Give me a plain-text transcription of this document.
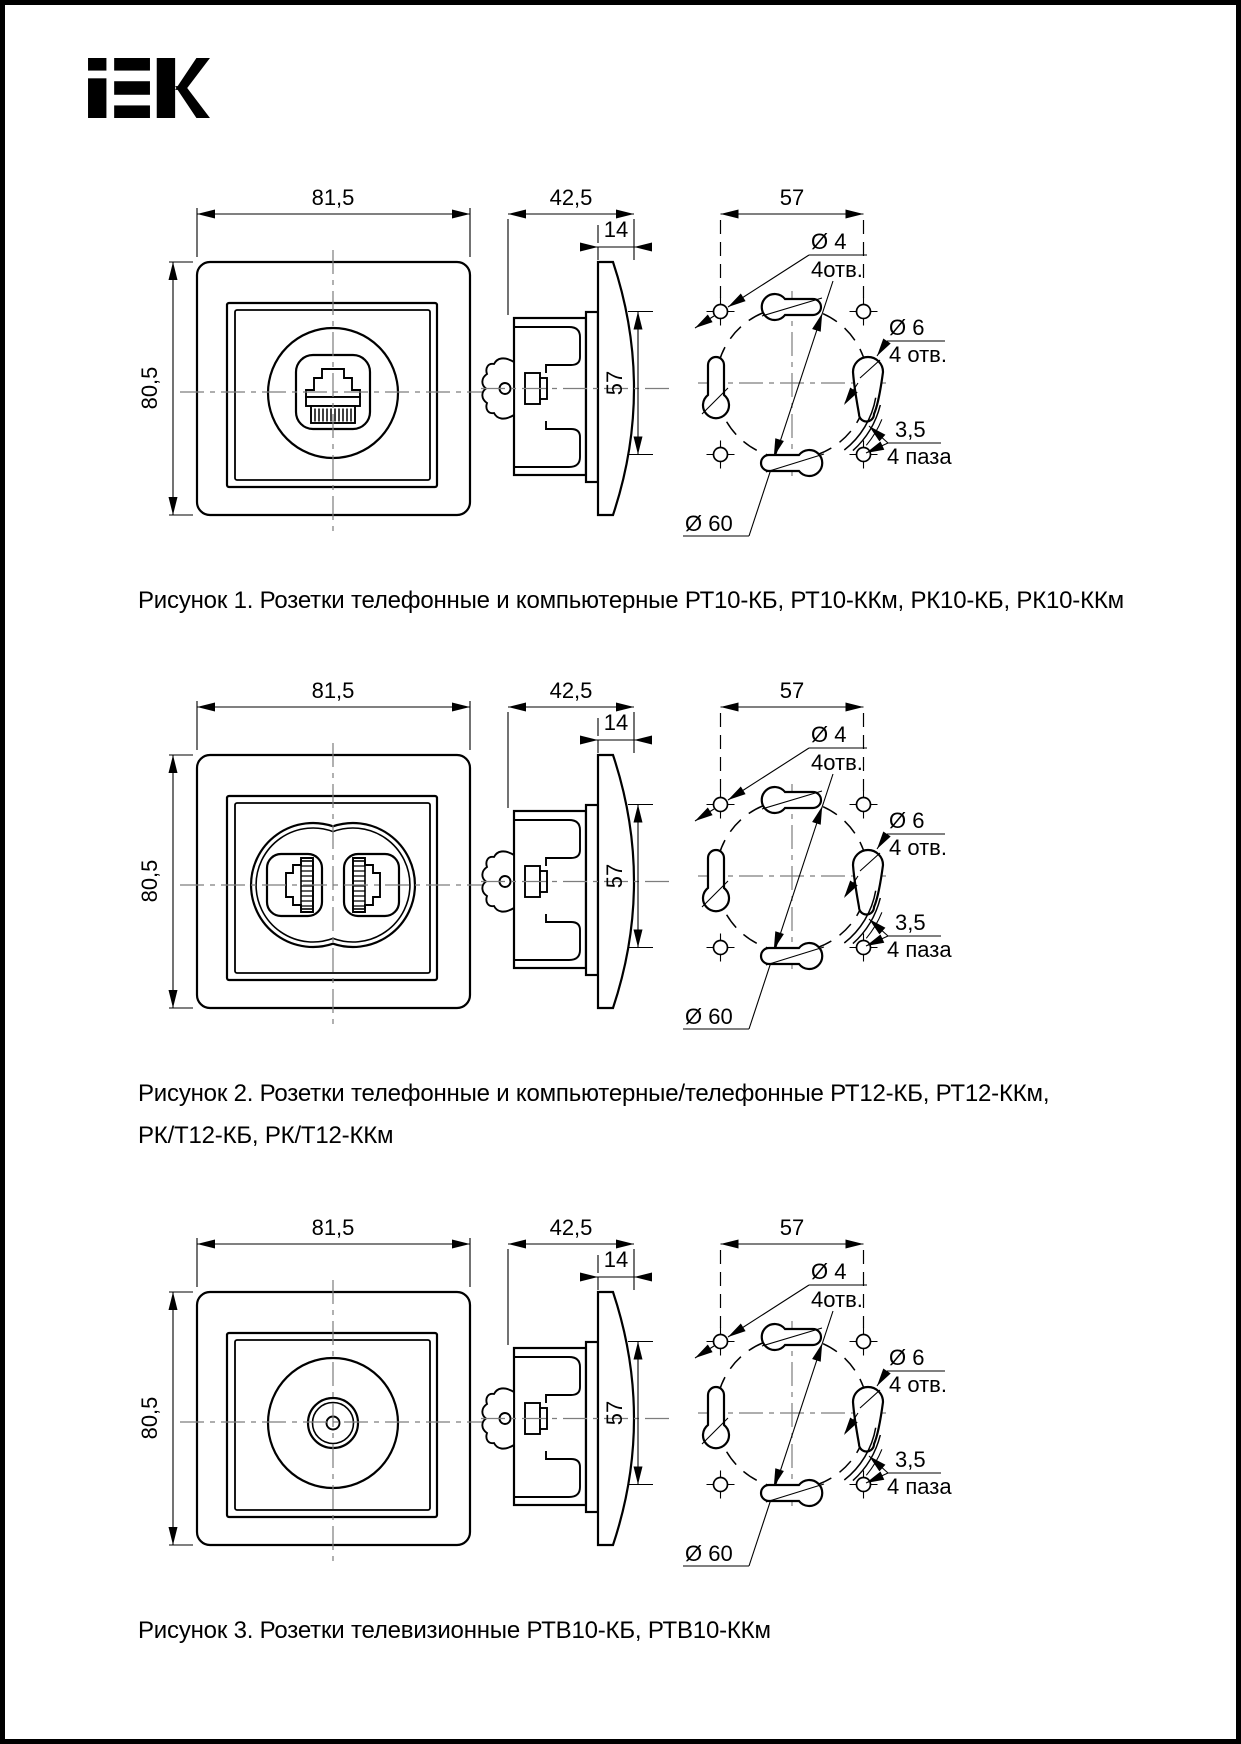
81,5
80,5
42,5
14
57
57
Ø 4
4отв.
Ø 6
4 отв.
3,5
4 паза
Ø 60
Рисунок 1. Розетки телефонные и компьютерные РТ10-КБ, РТ10-ККм, РК10-КБ, РК10-ККм
81,5
80,5
42,5
14
57
57
Ø 4
4отв.
Ø 6
4 отв.
3,5
4 паза
Ø 60
Рисунок 2. Розетки телефонные и компьютерные/телефонные РТ12-КБ, РТ12-ККм,
РК/Т12-КБ, РК/Т12-ККм
81,5
80,5
42,5
14
57
57
Ø 4
4отв.
Ø 6
4 отв.
3,5
4 паза
Ø 60
Рисунок 3. Розетки телевизионные РТВ10-КБ, РТВ10-ККм
